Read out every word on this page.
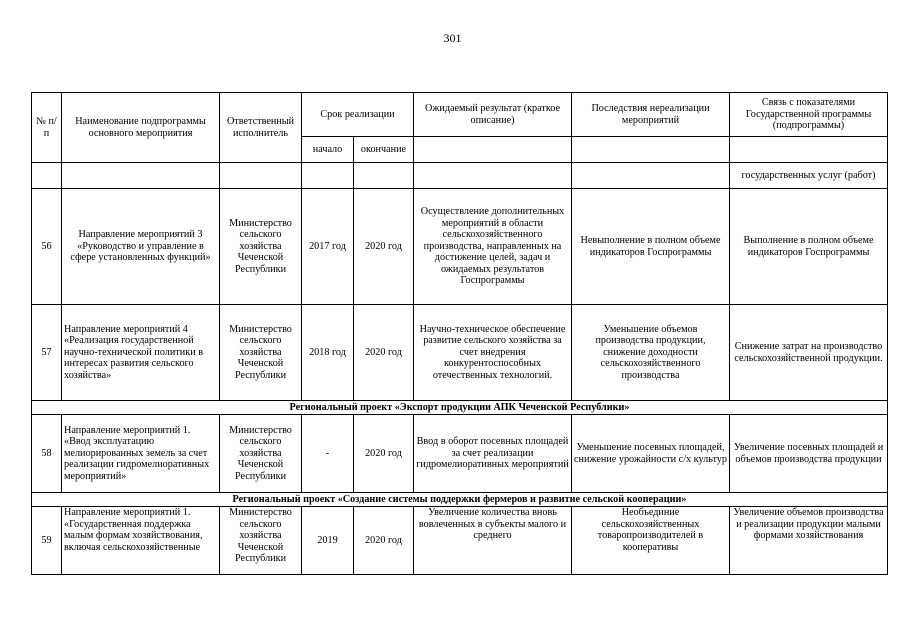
301
№ п/п	Наименование подпрограммы основного мероприятия	Ответственный исполнитель	Срок реализации		Ожидаемый результат (краткое описание)	Последствия нереализации мероприятий	Связь с показателями Государственной программы (подпрограммы)
			начало	окончание			
							государственных услуг (работ)
56	Направление мероприятий 3 «Руководство и управление в сфере установленных функций»	Министерство сельского хозяйства Чеченской Республики	2017 год	2020 год	Осуществление дополнительных мероприятий в области сельскохозяйственного производства, направленных на достижение целей, задач и ожидаемых результатов Госпрограммы	Невыполнение в полном объеме индикаторов Госпрограммы	Выполнение в полном объеме индикаторов Госпрограммы
57	Направление мероприятий 4 «Реализация государственной научно-технической политики в интересах развития сельского хозяйства»	Министерство сельского хозяйства Чеченской Республики	2018 год	2020 год	Научно-техническое обеспечение развитие сельского хозяйства за счет внедрения конкурентоспособных отечественных технологий.	Уменьшение объемов производства продукции, снижение доходности сельскохозяйственного производства	Снижение затрат на производство сельскохозяйственной продукции.
Региональный проект «Экспорт продукции АПК Чеченской Республики»							
58	Направление мероприятий 1. «Ввод эксплуатацию мелиорированных земель за счет реализации гидромелиоративных мероприятий»	Министерство сельского хозяйства Чеченской Республики	-	2020 год	Ввод в оборот посевных площадей за счет реализации гидромелиоративных мероприятий	Уменьшение посевных площадей, снижение урожайности с/х культур	Увеличение посевных площадей и объемов производства продукции
Региональный проект «Создание системы поддержки фермеров и развитие сельской кооперации»							
59	Направление мероприятий 1. «Государственная поддержка малым формам хозяйствования, включая сельскохозяйственные	Министерство сельского хозяйства Чеченской Республики	2019	2020 год	Увеличение количества вновь вовлеченных в субъекты малого и среднего	Необъединие сельскохозяйственных товаропроизводителей в кооперативы	Увеличение объемов производства и реализации продукции малыми формами хозяйствования
